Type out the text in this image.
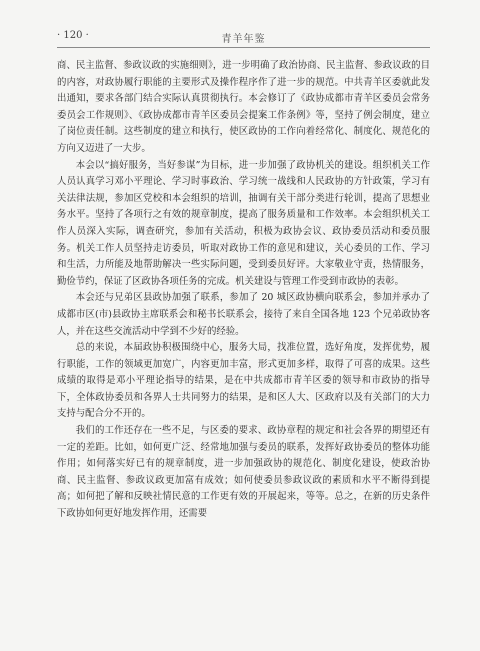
· 120 ·	青羊年鉴

商、民主监督、参政议政的实施细则》，进一步明确了政治协商、民主监督、参政议政的目的内容，对政协履行职能的主要形式及操作程序作了进一步的规范。中共青羊区委就此发出通知，要求各部门结合实际认真贯彻执行。本会修订了《政协成都市青羊区委员会常务委员会工作规则》、《政协成都市青羊区委员会提案工作条例》等，坚持了例会制度，建立了岗位责任制。这些制度的建立和执行，使区政协的工作向着经常化、制度化、规范化的方向又迈进了一大步。

本会以“搞好服务，当好参谋”为目标，进一步加强了政协机关的建设。组织机关工作人员认真学习邓小平理论、学习时事政治、学习统一战线和人民政协的方针政策，学习有关法律法规，参加区党校和本会组织的培训，抽调有关干部分类进行轮训，提高了思想业务水平。坚持了各项行之有效的规章制度，提高了服务质量和工作效率。本会组织机关工作人员深入实际，调查研究，参加有关活动，积极为政协会议、政协委员活动和委员服务。机关工作人员坚持走访委员，听取对政协工作的意见和建议，关心委员的工作、学习和生活，力所能及地帮助解决一些实际问题，受到委员好评。大家敬业守责，热情服务，勤俭节约，保证了区政协各项任务的完成。机关建设与管理工作受到市政协的表彰。

本会还与兄弟区县政协加强了联系，参加了 20 城区政协横向联系会，参加并承办了成都市区(市)县政协主席联系会和秘书长联系会，接待了来自全国各地 123 个兄弟政协客人，并在这些交流活动中学到不少好的经验。

总的来说，本届政协积极围绕中心，服务大局，找准位置，选好角度，发挥优势，履行职能，工作的领域更加宽广，内容更加丰富，形式更加多样，取得了可喜的成果。这些成绩的取得是邓小平理论指导的结果，是在中共成都市青羊区委的领导和市政协的指导下，全体政协委员和各界人士共同努力的结果，是和区人大、区政府以及有关部门的大力支持与配合分不开的。

我们的工作还存在一些不足，与区委的要求、政协章程的规定和社会各界的期望还有一定的差距。比如，如何更广泛、经常地加强与委员的联系，发挥好政协委员的整体功能作用；如何落实好已有的规章制度，进一步加强政协的规范化、制度化建设，使政治协商、民主监督、参政议政更加富有成效；如何使委员参政议政的素质和水平不断得到提高；如何把了解和反映社情民意的工作更有效的开展起来，等等。总之，在新的历史条件下政协如何更好地发挥作用，还需要
